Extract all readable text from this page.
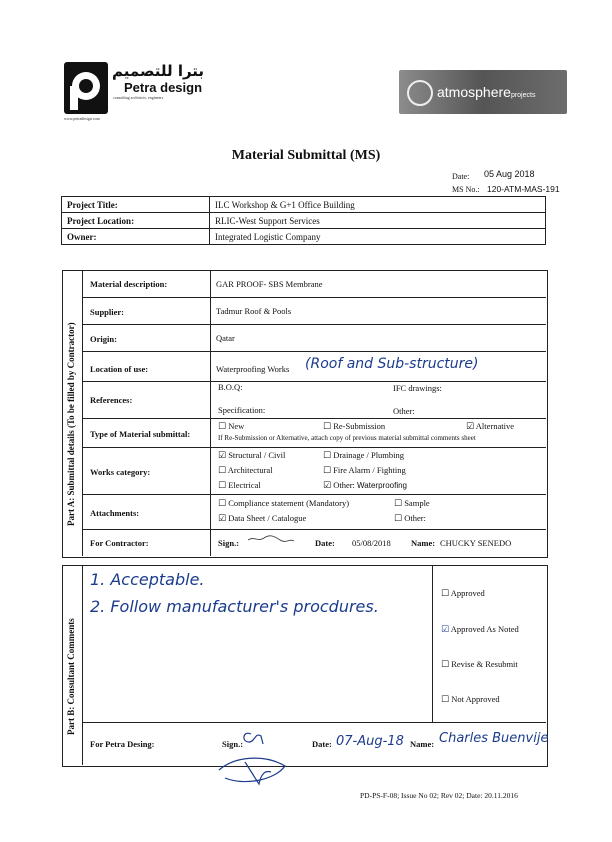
بترا للتصميم
Petra design
consulting architects, engineers
www.petradesign.com
atmosphereprojects
Material Submittal (MS)
Date: 05 Aug 2018
MS No.: 120-ATM-MAS-191
Project Title:	ILC Workshop & G+1 Office Building
Project Location:	RLIC-West Support Services
Owner:	Integrated Logistic Company
Part A: Submittal details (To be filled by Contractor)
Material description:	GAR PROOF- SBS Membrane
Supplier:	Tadmur Roof & Pools
Origin:	Qatar
Location of use:	Waterproofing Works (Roof and Sub-structure)
References:
B.O.Q:	IFC drawings:
Specification:	Other:
Type of Material submittal:
☐ New	☐ Re-Submission	☑ Alternative
If Re-Submission or Alternative, attach copy of previous material submittal comments sheet
Works category:
☑ Structural / Civil	☐ Drainage / Plumbing
☐ Architectural	☐ Fire Alarm / Fighting
☐ Electrical	☑ Other: Waterproofing
Attachments:
☐ Compliance statement (Mandatory)	☐ Sample
☑ Data Sheet / Catalogue	☐ Other:
For Contractor:	Sign.:	Date: 05/08/2018 Name: CHUCKY SENEDO
Part B: Consultant Comments
1. Acceptable.
2. Follow manufacturer's procdures.
☐ Approved
☑ Approved As Noted
☐ Revise & Resubmit
☐ Not Approved
For Petra Desing:	Sign.:	Date: 07-Aug-18 Name: Charles Buenvije
PD-PS-F-08; Issue No 02; Rev 02; Date: 20.11.2016
